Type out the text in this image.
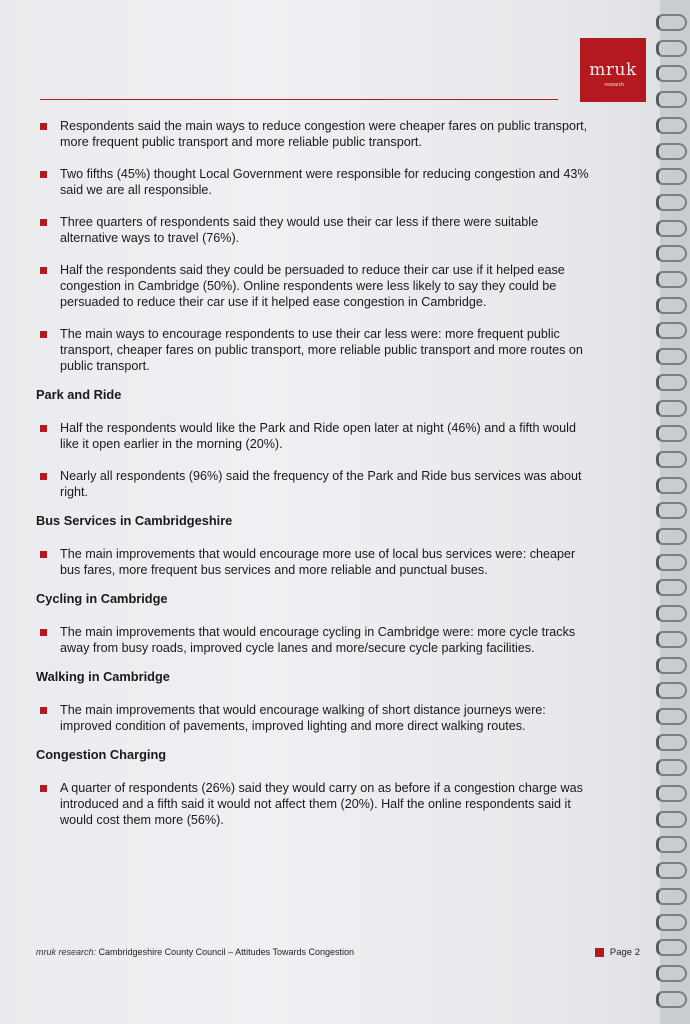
mruk
research
Respondents said the main ways to reduce congestion were cheaper fares on public transport, more frequent public transport and more reliable public transport.
Two fifths (45%) thought Local Government were responsible for reducing congestion and 43% said we are all responsible.
Three quarters of respondents said they would use their car less if there were suitable alternative ways to travel (76%).
Half the respondents said they could be persuaded to reduce their car use if it helped ease congestion in Cambridge (50%). Online respondents were less likely to say they could be persuaded to reduce their car use if it helped ease congestion in Cambridge.
The main ways to encourage respondents to use their car less were: more frequent public transport, cheaper fares on public transport, more reliable public transport and more routes on public transport.
Park and Ride
Half the respondents would like the Park and Ride open later at night (46%) and a fifth would like it open earlier in the morning (20%).
Nearly all respondents (96%) said the frequency of the Park and Ride bus services was about right.
Bus Services in Cambridgeshire
The main improvements that would encourage more use of local bus services were: cheaper bus fares, more frequent bus services and more reliable and punctual buses.
Cycling in Cambridge
The main improvements that would encourage cycling in Cambridge were: more cycle tracks away from busy roads, improved cycle lanes and more/secure cycle parking facilities.
Walking in Cambridge
The main improvements that would encourage walking of short distance journeys were: improved condition of pavements, improved lighting and more direct walking routes.
Congestion Charging
A quarter of respondents (26%) said they would carry on as before if a congestion charge was introduced and a fifth said it would not affect them (20%). Half the online respondents said it would cost them more (56%).
mruk research: Cambridgeshire County Council – Attitudes Towards Congestion	Page 2
